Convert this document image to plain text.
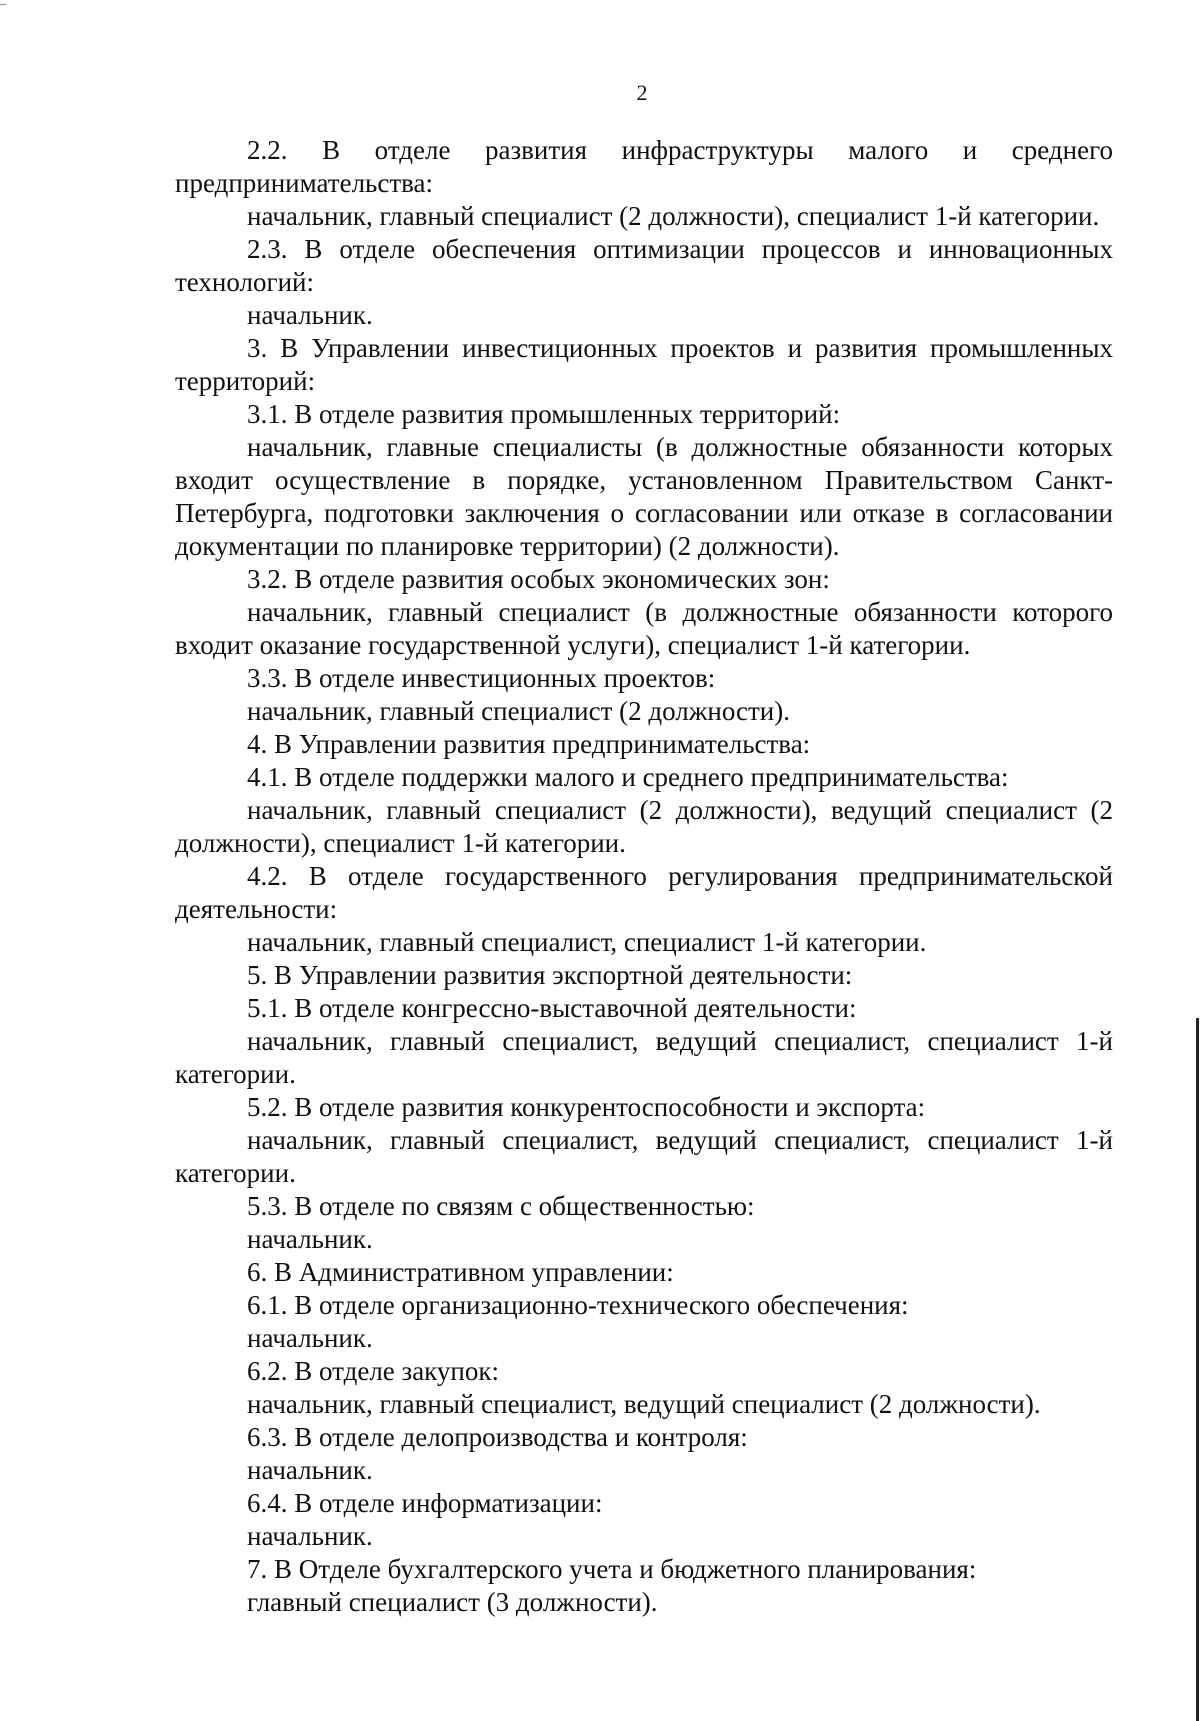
2

2.2. В отделе развития инфраструктуры малого и среднего предпринимательства:

начальник, главный специалист (2 должности), специалист 1-й категории.

2.3. В отделе обеспечения оптимизации процессов и инновационных технологий:

начальник.

3. В Управлении инвестиционных проектов и развития промышленных территорий:

3.1. В отделе развития промышленных территорий:

начальник, главные специалисты (в должностные обязанности которых входит осуществление в порядке, установленном Правительством Санкт-Петербурга, подготовки заключения о согласовании или отказе в согласовании документации по планировке территории) (2 должности).

3.2. В отделе развития особых экономических зон:

начальник, главный специалист (в должностные обязанности которого входит оказание государственной услуги), специалист 1-й категории.

3.3. В отделе инвестиционных проектов:

начальник, главный специалист (2 должности).

4. В Управлении развития предпринимательства:

4.1. В отделе поддержки малого и среднего предпринимательства:

начальник, главный специалист (2 должности), ведущий специалист (2 должности), специалист 1-й категории.

4.2. В отделе государственного регулирования предпринимательской деятельности:

начальник, главный специалист, специалист 1-й категории.

5. В Управлении развития экспортной деятельности:

5.1. В отделе конгрессно-выставочной деятельности:

начальник, главный специалист, ведущий специалист, специалист 1-й категории.

5.2. В отделе развития конкурентоспособности и экспорта:

начальник, главный специалист, ведущий специалист, специалист 1-й категории.

5.3. В отделе по связям с общественностью:

начальник.

6. В Административном управлении:

6.1. В отделе организационно-технического обеспечения:

начальник.

6.2. В отделе закупок:

начальник, главный специалист, ведущий специалист (2 должности).

6.3. В отделе делопроизводства и контроля:

начальник.

6.4. В отделе информатизации:

начальник.

7. В Отделе бухгалтерского учета и бюджетного планирования:

главный специалист (3 должности).
